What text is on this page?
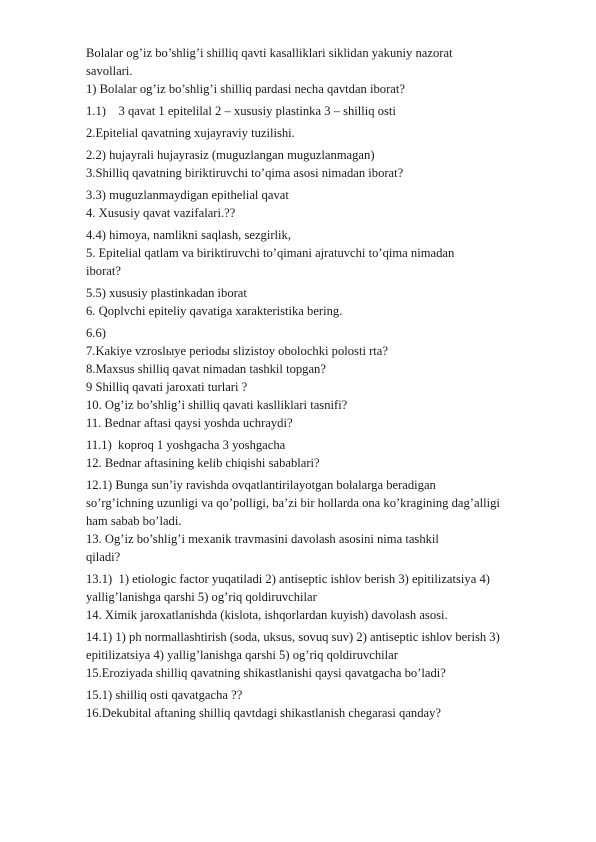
Bolalar og’iz bo’shlig’i shilliq qavti kasalliklari siklidan yakuniy nazorat
savollari.
1) Bolalar og’iz bo’shlig’i shilliq pardasi necha qavtdan iborat?
1.1)    3 qavat 1 epitelilal 2 – xususiy plastinka 3 – shilliq osti
2.Epitelial qavatning xujayraviy tuzilishi.
2.2) hujayrali hujayrasiz (muguzlangan muguzlanmagan)
3.Shilliq qavatning biriktiruvchi to’qima asosi nimadan iborat?
3.3) muguzlanmaydigan epithelial qavat
4. Xususiy qavat vazifalari.??
4.4) himoya, namlikni saqlash, sezgirlik,
5. Epitelial qatlam va biriktiruvchi to’qimani ajratuvchi to’qima nimadan
iborat?
5.5) xususiy plastinkadan iborat
6. Qoplvchi epiteliy qavatiga xarakteristika bering.
6.6)
7.Kakiye vzroslыye periodы slizistoy obolochki polosti rta?
8.Maxsus shilliq qavat nimadan tashkil topgan?
9 Shilliq qavati jaroxati turlari ?
10. Og’iz bo’shlig’i shilliq qavati kaslliklari tasnifi?
11. Bednar aftasi qaysi yoshda uchraydi?
11.1)  koproq 1 yoshgacha 3 yoshgacha
12. Bednar aftasining kelib chiqishi sabablari?
12.1) Bunga sun’iy ravishda ovqatlantirilayotgan bolalarga beradigan
so’rg’ichning uzunligi va qo’polligi, ba’zi bir hollarda ona ko’kragining dag’alligi
ham sabab bo’ladi.
13. Og’iz bo’shlig’i mexanik travmasini davolash asosini nima tashkil
qiladi?
13.1)  1) etiologic factor yuqatiladi 2) antiseptic ishlov berish 3) epitilizatsiya 4)
yallig’lanishga qarshi 5) og’riq qoldiruvchilar
14. Ximik jaroxatlanishda (kislota, ishqorlardan kuyish) davolash asosi.
14.1) 1) ph normallashtirish (soda, uksus, sovuq suv) 2) antiseptic ishlov berish 3)
epitilizatsiya 4) yallig’lanishga qarshi 5) og’riq qoldiruvchilar
15.Eroziyada shilliq qavatning shikastlanishi qaysi qavatgacha bo’ladi?
15.1) shilliq osti qavatgacha ??
16.Dekubital aftaning shilliq qavtdagi shikastlanish chegarasi qanday?
